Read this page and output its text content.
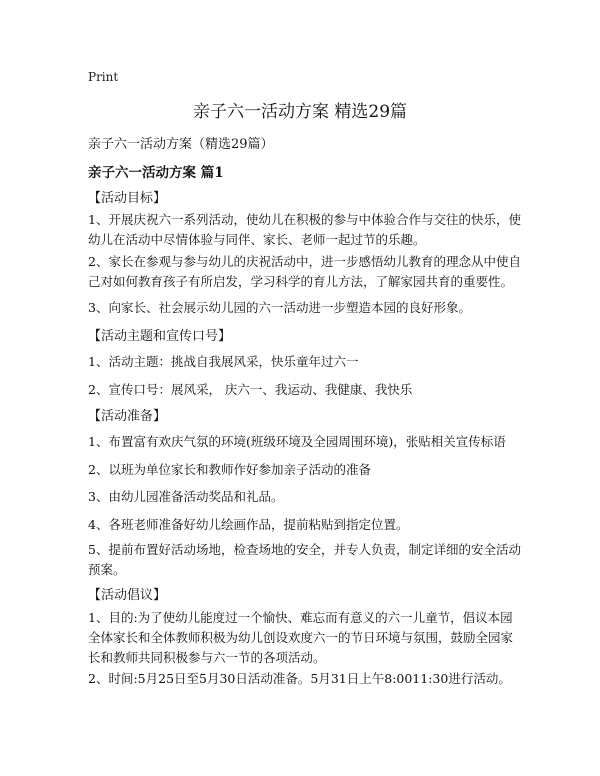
Print
亲子六一活动方案 精选29篇
亲子六一活动方案（精选29篇）
亲子六一活动方案 篇1
【活动目标】
1、开展庆祝六一系列活动，使幼儿在积极的参与中体验合作与交往的快乐，使幼儿在活动中尽情体验与同伴、家长、老师一起过节的乐趣。
2、家长在参观与参与幼儿的庆祝活动中，进一步感悟幼儿教育的理念从中使自己对如何教育孩子有所启发，学习科学的育儿方法，了解家园共育的重要性。
3、向家长、社会展示幼儿园的六一活动进一步塑造本园的良好形象。
【活动主题和宣传口号】
1、活动主题：挑战自我展风采，快乐童年过六一
2、宣传口号：展风采， 庆六一、我运动、我健康、我快乐
【活动准备】
1、布置富有欢庆气氛的环境(班级环境及全园周围环境)，张贴相关宣传标语
2、以班为单位家长和教师作好参加亲子活动的准备
3、由幼儿园准备活动奖品和礼品。
4、各班老师准备好幼儿绘画作品，提前粘贴到指定位置。
5、提前布置好活动场地，检查场地的安全，并专人负责，制定详细的安全活动预案。
【活动倡议】
1、目的:为了使幼儿能度过一个愉快、难忘而有意义的六一儿童节，倡议本园全体家长和全体教师积极为幼儿创设欢度六一的节日环境与氛围，鼓励全园家长和教师共同积极参与六一节的各项活动。
2、时间:5月25日至5月30日活动准备。5月31日上午8:0011:30进行活动。
